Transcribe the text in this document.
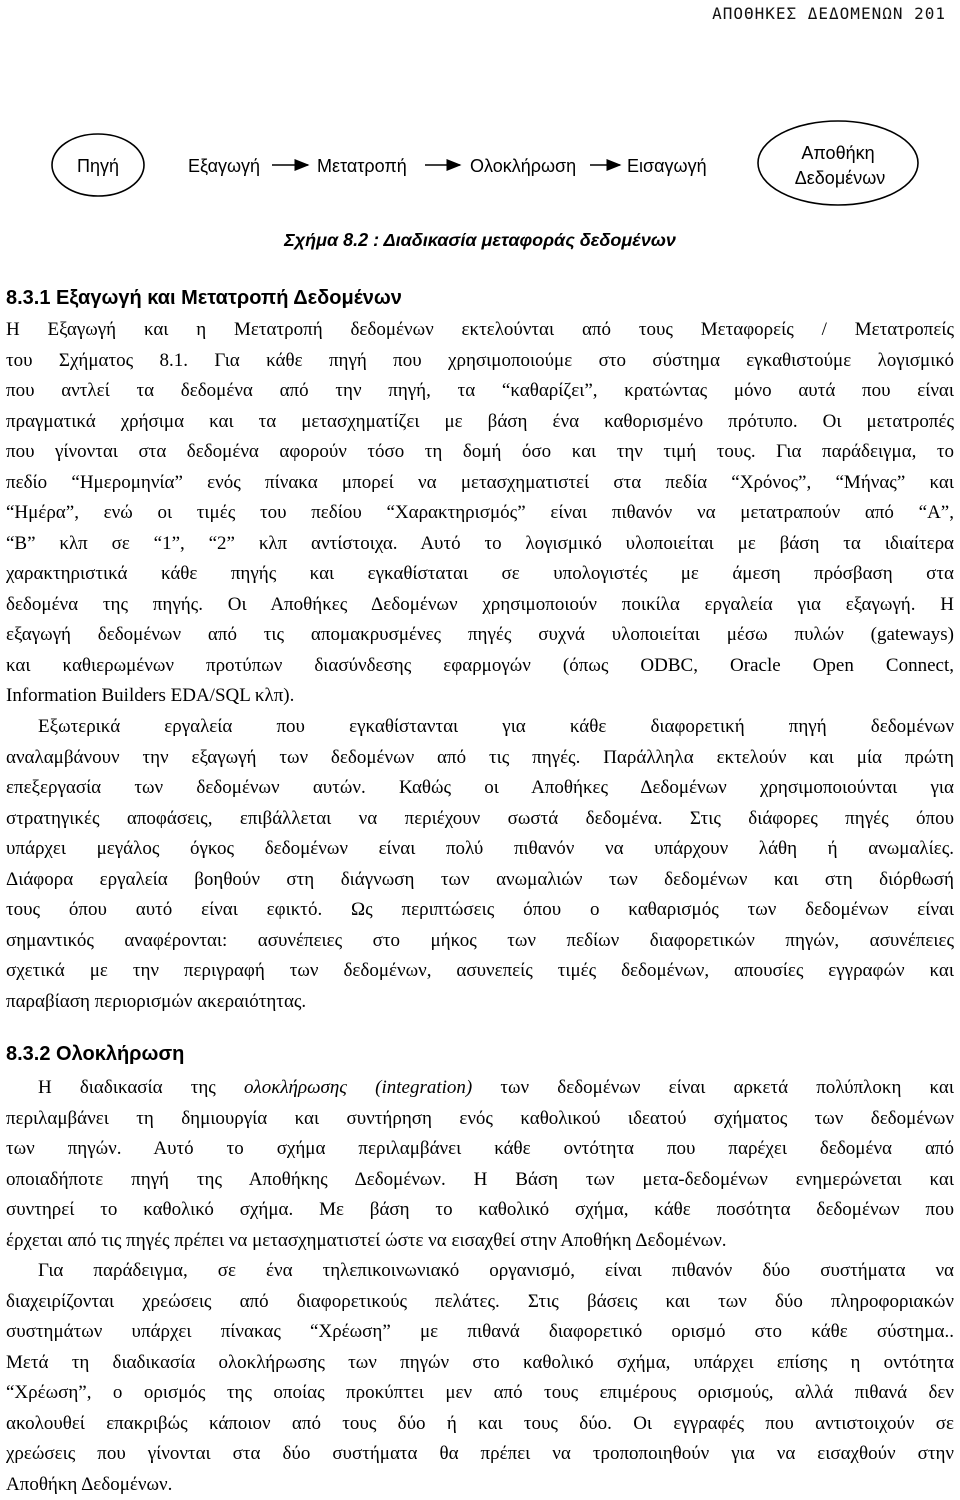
ΑΠΟΘΗΚΕΣ ΔΕΔΟΜΕΝΩΝ 201
Πηγή	Εξαγωγή	Μετατροπή	Ολοκλήρωση	Εισαγωγή
Αποθήκη
Δεδομένων
Σχήμα 8.2 : Διαδικασία μεταφοράς δεδομένων
8.3.1 Εξαγωγή και Μετατροπή Δεδομένων
Η Εξαγωγή και η Μετατροπή δεδομένων εκτελούνται από τους Μεταφορείς / Μετατροπείς
του Σχήματος 8.1. Για κάθε πηγή που χρησιμοποιούμε στο σύστημα εγκαθιστούμε λογισμικό
που αντλεί τα δεδομένα από την πηγή, τα “καθαρίζει”, κρατώντας μόνο αυτά που είναι
πραγματικά χρήσιμα και τα μετασχηματίζει με βάση ένα καθορισμένο πρότυπο. Οι μετατροπές
που γίνονται στα δεδομένα αφορούν τόσο τη δομή όσο και την τιμή τους. Για παράδειγμα, το
πεδίο “Ημερομηνία” ενός πίνακα μπορεί να μετασχηματιστεί στα πεδία “Χρόνος”, “Μήνας” και
“Ημέρα”, ενώ οι τιμές του πεδίου “Χαρακτηρισμός” είναι πιθανόν να μετατραπούν από “A”,
“B” κλπ σε “1”, “2” κλπ αντίστοιχα. Αυτό το λογισμικό υλοποιείται με βάση τα ιδιαίτερα
χαρακτηριστικά κάθε πηγής και εγκαθίσταται σε υπολογιστές με άμεση πρόσβαση στα
δεδομένα της πηγής. Οι Αποθήκες Δεδομένων χρησιμοποιούν ποικίλα εργαλεία για εξαγωγή. Η
εξαγωγή δεδομένων από τις απομακρυσμένες πηγές συχνά υλοποιείται μέσω πυλών (gateways)
και καθιερωμένων προτύπων διασύνδεσης εφαρμογών (όπως ODBC, Oracle Open Connect,
Information Builders EDA/SQL κλπ).
Εξωτερικά εργαλεία που εγκαθίστανται για κάθε διαφορετική πηγή δεδομένων
αναλαμβάνουν την εξαγωγή των δεδομένων από τις πηγές. Παράλληλα εκτελούν και μία πρώτη
επεξεργασία των δεδομένων αυτών. Καθώς οι Αποθήκες Δεδομένων χρησιμοποιούνται για
στρατηγικές αποφάσεις, επιβάλλεται να περιέχουν σωστά δεδομένα. Στις διάφορες πηγές όπου
υπάρχει μεγάλος όγκος δεδομένων είναι πολύ πιθανόν να υπάρχουν λάθη ή ανωμαλίες.
Διάφορα εργαλεία βοηθούν στη διάγνωση των ανωμαλιών των δεδομένων και στη διόρθωσή
τους όπου αυτό είναι εφικτό. Ως περιπτώσεις όπου ο καθαρισμός των δεδομένων είναι
σημαντικός αναφέρονται: ασυνέπειες στο μήκος των πεδίων διαφορετικών πηγών, ασυνέπειες
σχετικά με την περιγραφή των δεδομένων, ασυνεπείς τιμές δεδομένων, απουσίες εγγραφών και
παραβίαση περιορισμών ακεραιότητας.
8.3.2 Ολοκλήρωση
Η διαδικασία της ολοκλήρωσης (integration) των δεδομένων είναι αρκετά πολύπλοκη και
περιλαμβάνει τη δημιουργία και συντήρηση ενός καθολικού ιδεατού σχήματος των δεδομένων
των πηγών. Αυτό το σχήμα περιλαμβάνει κάθε οντότητα που παρέχει δεδομένα από
οποιαδήποτε πηγή της Αποθήκης Δεδομένων. Η Βάση των μετα-δεδομένων ενημερώνεται και
συντηρεί το καθολικό σχήμα. Με βάση το καθολικό σχήμα, κάθε ποσότητα δεδομένων που
έρχεται από τις πηγές πρέπει να μετασχηματιστεί ώστε να εισαχθεί στην Αποθήκη Δεδομένων.
Για παράδειγμα, σε ένα τηλεπικοινωνιακό οργανισμό, είναι πιθανόν δύο συστήματα να
διαχειρίζονται χρεώσεις από διαφορετικούς πελάτες. Στις βάσεις και των δύο πληροφοριακών
συστημάτων υπάρχει πίνακας “Χρέωση” με πιθανά διαφορετικό ορισμό στο κάθε σύστημα..
Μετά τη διαδικασία ολοκλήρωσης των πηγών στο καθολικό σχήμα, υπάρχει επίσης η οντότητα
“Χρέωση”, ο ορισμός της οποίας προκύπτει μεν από τους επιμέρους ορισμούς, αλλά πιθανά δεν
ακολουθεί επακριβώς κάποιον από τους δύο ή και τους δύο. Οι εγγραφές που αντιστοιχούν σε
χρεώσεις που γίνονται στα δύο συστήματα θα πρέπει να τροποποιηθούν για να εισαχθούν στην
Αποθήκη Δεδομένων.
